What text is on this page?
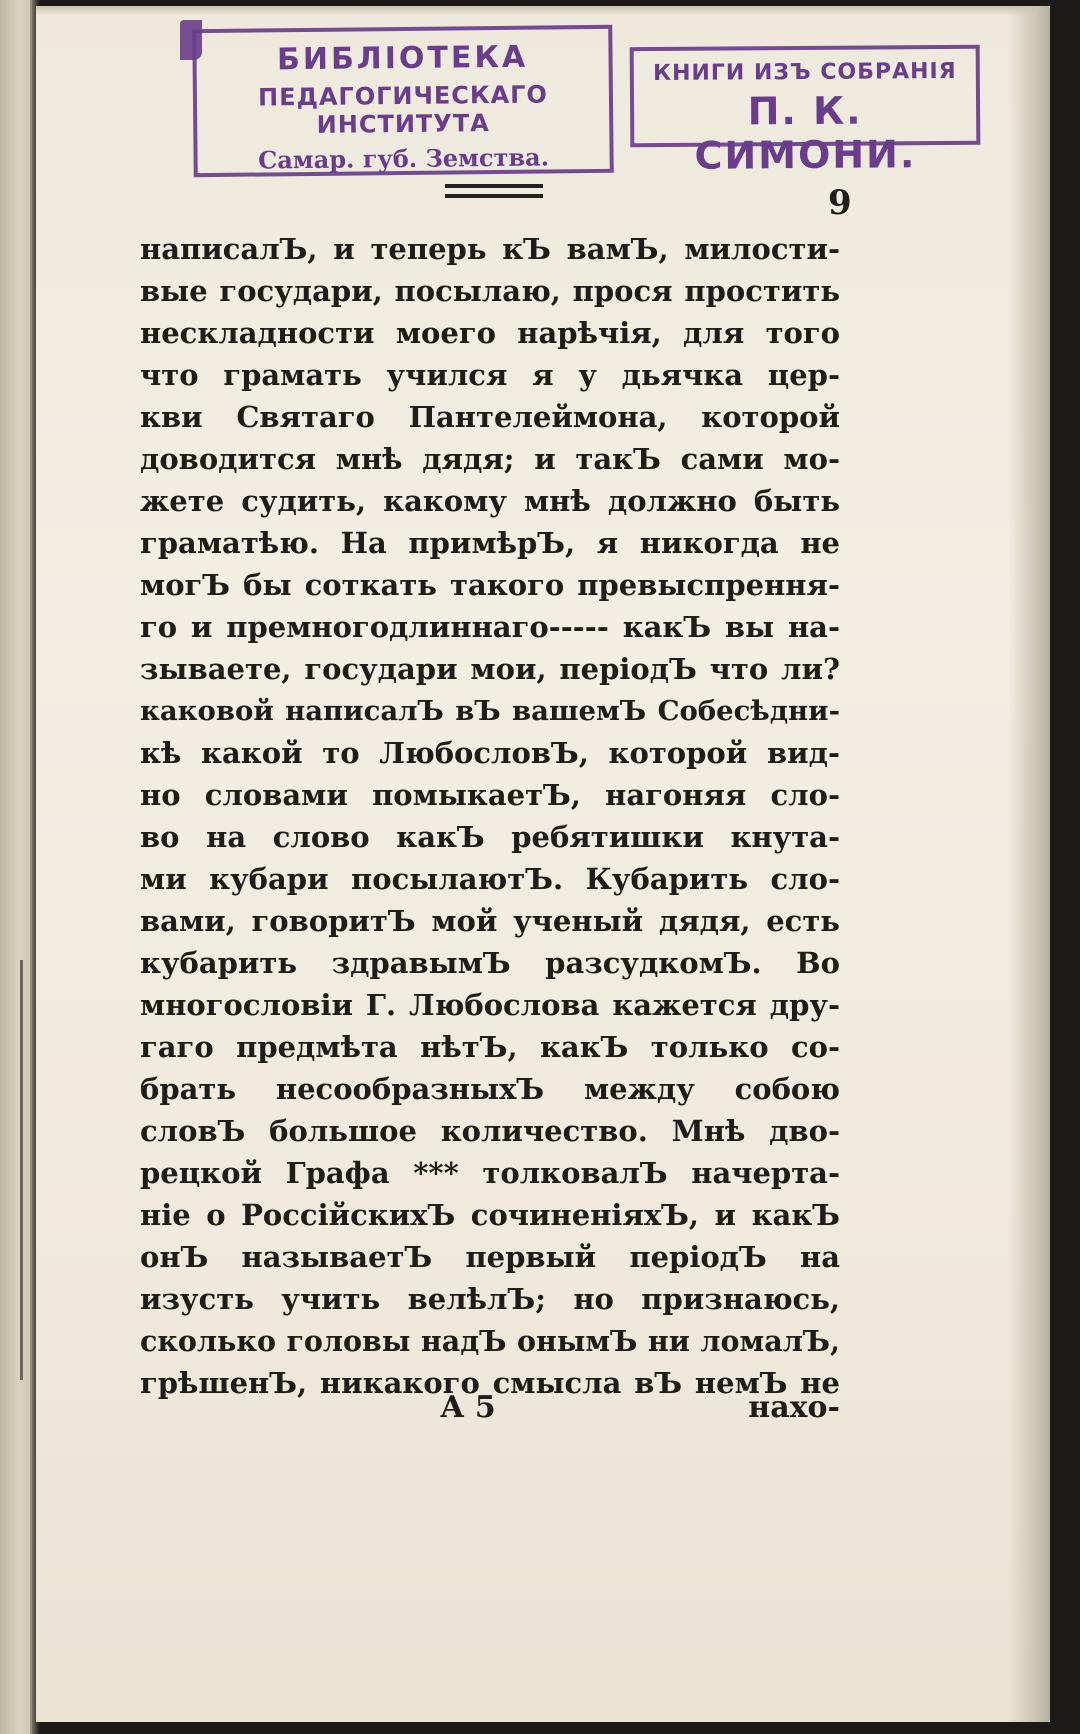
БИБЛІОТЕКА
ПЕДАГОГИЧЕСКАГО ИНСТИТУТА
Самар. губ. Земства.
КНИГИ ИЗЪ СОБРАНІЯ
П. К. СИМОНИ.
9
написалЪ, и теперь кЪ вамЪ, милости-
вые государи, посылаю, прося простить
нескладности моего нарѣчія, для того
что грамать учился я у дьячка цер-
кви Святаго Пантелеймона, которой
доводится мнѣ дядя; и такЪ сами мо-
жете судить, какому мнѣ должно быть
граматѣю. На примѣрЪ, я никогда не
могЪ бы соткать такого превыспрення-
го и премногодлиннаго----- какЪ вы на-
зываете, государи мои, періодЪ что ли?
каковой написалЪ вЪ вашемЪ Собесѣдни-
кѣ какой то ЛюбословЪ, которой вид-
но словами помыкаетЪ, нагоняя сло-
во на слово какЪ ребятишки кнута-
ми кубари посылаютЪ. Кубарить сло-
вами, говоритЪ мой ученый дядя, есть
кубарить здравымЪ разсудкомЪ. Во
многословіи Г. Любослова кажется дру-
гаго предмѣта нѣтЪ, какЪ только со-
брать несообразныхЪ между собою
словЪ большое количество. Мнѣ дво-
рецкой Графа *** толковалЪ начерта-
ніе о РоссійскихЪ сочиненіяхЪ, и какЪ
онЪ называетЪ первый періодЪ на
изусть учить велѣлЪ; но признаюсь,
сколько головы надЪ онымЪ ни ломалЪ,
грѣшенЪ, никакого смысла вЪ немЪ не
А 5	нахо-
